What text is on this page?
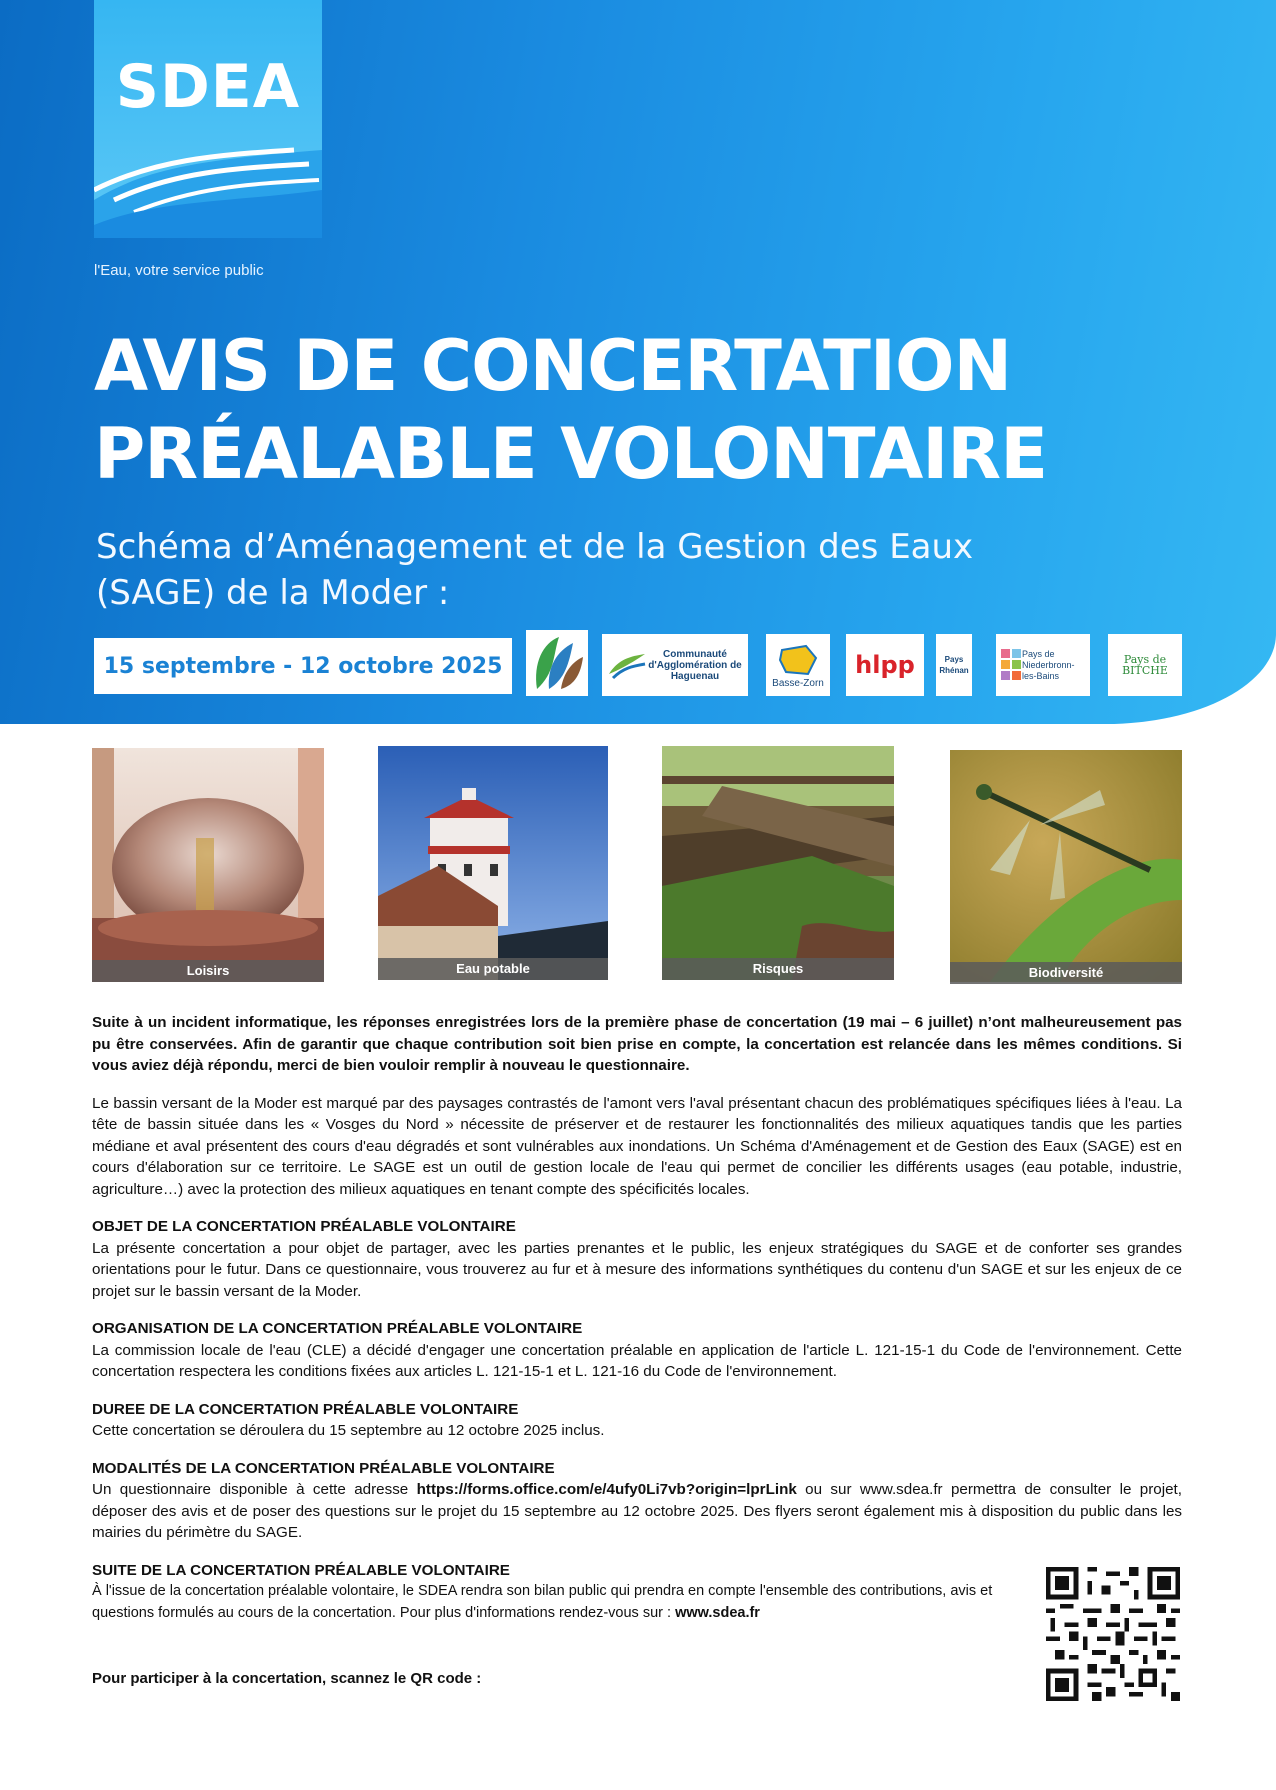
SDEA
l'Eau, votre service public
AVIS DE CONCERTATION
PRÉALABLE VOLONTAIRE
Schéma d’Aménagement et de la Gestion des Eaux
(SAGE) de la Moder :
15 septembre - 12 octobre 2025	Communauté d'Agglomération de Haguenau
Basse-Zorn
hlpp	Pays Rhénan
Pays de Niederbronn-les-Bains
Pays de BITCHE
Loisirs	Eau potable	Risques	Biodiversité
Suite à un incident informatique, les réponses enregistrées lors de la première phase de concertation (19 mai – 6 juillet) n’ont malheureusement pas pu être conservées. Afin de garantir que chaque contribution soit bien prise en compte, la concertation est relancée dans les mêmes conditions. Si vous aviez déjà répondu, merci de bien vouloir remplir à nouveau le questionnaire.
Le bassin versant de la Moder est marqué par des paysages contrastés de l'amont vers l'aval présentant chacun des problématiques spécifiques liées à l'eau. La tête de bassin située dans les « Vosges du Nord » nécessite de préserver et de restaurer les fonctionnalités des milieux aquatiques tandis que les parties médiane et aval présentent des cours d'eau dégradés et sont vulnérables aux inondations. Un Schéma d'Aménagement et de Gestion des Eaux (SAGE) est en cours d'élaboration sur ce territoire. Le SAGE est un outil de gestion locale de l'eau qui permet de concilier les différents usages (eau potable, industrie, agriculture…) avec la protection des milieux aquatiques en tenant compte des spécificités locales.
OBJET DE LA CONCERTATION PRÉALABLE VOLONTAIRE
La présente concertation a pour objet de partager, avec les parties prenantes et le public, les enjeux stratégiques du SAGE et de conforter ses grandes orientations pour le futur. Dans ce questionnaire, vous trouverez au fur et à mesure des informations synthétiques du contenu d'un SAGE et sur les enjeux de ce projet sur le bassin versant de la Moder.
ORGANISATION DE LA CONCERTATION PRÉALABLE VOLONTAIRE
La commission locale de l'eau (CLE) a décidé d'engager une concertation préalable en application de l'article L. 121-15-1 du Code de l'environnement. Cette concertation respectera les conditions fixées aux articles L. 121-15-1 et L. 121-16 du Code de l'environnement.
DUREE DE LA CONCERTATION PRÉALABLE VOLONTAIRE
Cette concertation se déroulera du 15 septembre au 12 octobre 2025 inclus.
MODALITÉS DE LA CONCERTATION PRÉALABLE VOLONTAIRE
Un questionnaire disponible à cette adresse https://forms.office.com/e/4ufy0Li7vb?origin=lprLink ou sur www.sdea.fr permettra de consulter le projet, déposer des avis et de poser des questions sur le projet du 15 septembre au 12 octobre 2025. Des flyers seront également mis à disposition du public dans les mairies du périmètre du SAGE.
SUITE DE LA CONCERTATION PRÉALABLE VOLONTAIRE
À l'issue de la concertation préalable volontaire, le SDEA rendra son bilan public qui prendra en compte l'ensemble des contributions, avis et questions formulés au cours de la concertation. Pour plus d'informations rendez-vous sur : www.sdea.fr
Pour participer à la concertation, scannez le QR code :
